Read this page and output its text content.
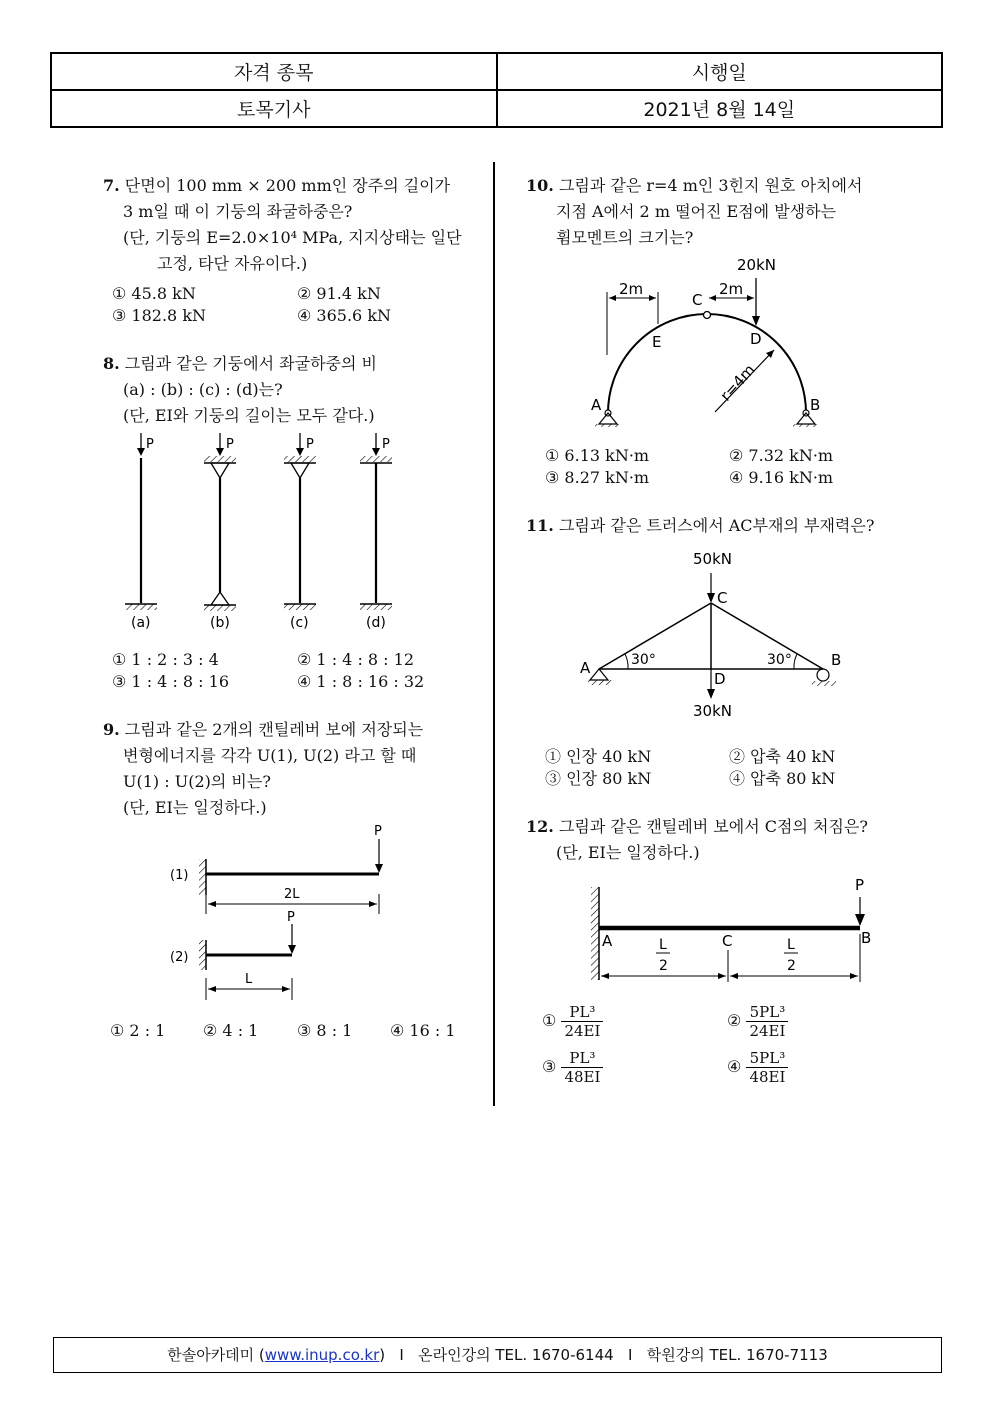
자격 종목	시행일
토목기사	2021년 8월 14일
7. 단면이 100 mm × 200 mm인 장주의 길이가
3 m일 때 이 기둥의 좌굴하중은?
(단, 기둥의 E=2.0×10⁴ MPa, 지지상태는 일단
고정, 타단 자유이다.)
① 45.8 kN	② 91.4 kN
③ 182.8 kN	④ 365.6 kN
8. 그림과 같은 기둥에서 좌굴하중의 비
(a) : (b) : (c) : (d)는?
(단, EI와 기둥의 길이는 모두 같다.)
P
(a)
P
(b)
P
(c)
P
(d)
① 1 : 2 : 3 : 4	② 1 : 4 : 8 : 12
③ 1 : 4 : 8 : 16	④ 1 : 8 : 16 : 32
9. 그림과 같은 2개의 캔틸레버 보에 저장되는
변형에너지를 각각 U(1), U(2) 라고 할 때
U(1) : U(2)의 비는?
(단, EI는 일정하다.)
(1)
P
2L
(2)
P
L
① 2 : 1 ② 4 : 1 ③ 8 : 1 ④ 16 : 1
10. 그림과 같은 r=4 m인 3힌지 원호 아치에서
지점 A에서 2 m 떨어진 E점에 발생하는
휨모멘트의 크기는?
C
20kN
D
2m	2m
E
r=4m
A	B
① 6.13 kN·m	② 7.32 kN·m
③ 8.27 kN·m	④ 9.16 kN·m
11. 그림과 같은 트러스에서 AC부재의 부재력은?
50kN
C
30°	30°
D
30kN
A	B
① 인장 40 kN	② 압축 40 kN
③ 인장 80 kN	④ 압축 80 kN
12. 그림과 같은 캔틸레버 보에서 C점의 처짐은?
(단, EI는 일정하다.)
P
A	C	B
L
2
L
2
① $\frac{\text{PL³}}{24EI}$	② $\frac{\text{5PL³}}{24EI}$
③ $\frac{\text{PL³}}{48EI}$	④ $\frac{\text{5PL³}}{48EI}$
한솔아카데미 (www.inup.co.kr) I 온라인강의 TEL. 1670-6144 I 학원강의 TEL. 1670-7113
